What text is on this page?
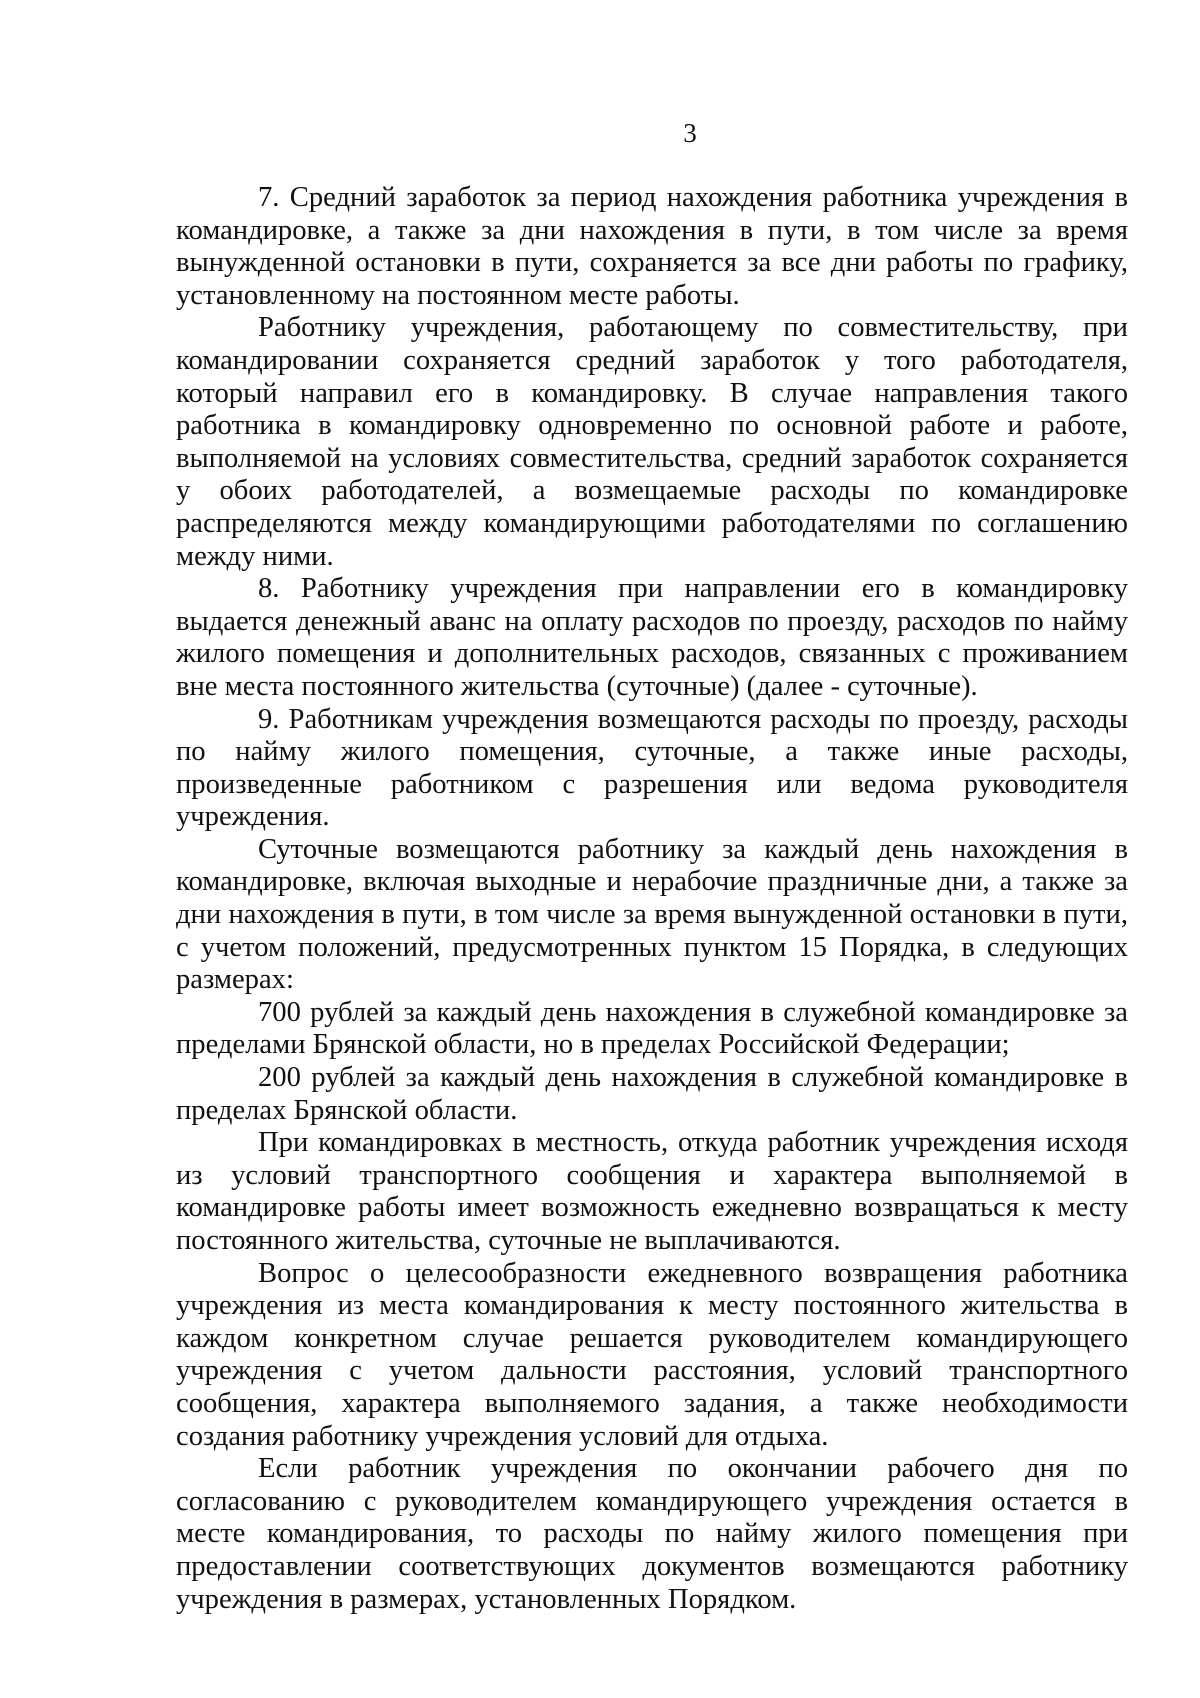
3

7. Средний заработок за период нахождения работника учреждения в командировке, а также за дни нахождения в пути, в том числе за время вынужденной остановки в пути, сохраняется за все дни работы по графику, установленному на постоянном месте работы.

Работнику учреждения, работающему по совместительству, при командировании сохраняется средний заработок у того работодателя, который направил его в командировку. В случае направления такого работника в командировку одновременно по основной работе и работе, выполняемой на условиях совместительства, средний заработок сохраняется у обоих работодателей, а возмещаемые расходы по командировке распределяются между командирующими работодателями по соглашению между ними.

8. Работнику учреждения при направлении его в командировку выдается денежный аванс на оплату расходов по проезду, расходов по найму жилого помещения и дополнительных расходов, связанных с проживанием вне места постоянного жительства (суточные) (далее - суточные).

9. Работникам учреждения возмещаются расходы по проезду, расходы по найму жилого помещения, суточные, а также иные расходы, произведенные работником с разрешения или ведома руководителя учреждения.

Суточные возмещаются работнику за каждый день нахождения в командировке, включая выходные и нерабочие праздничные дни, а также за дни нахождения в пути, в том числе за время вынужденной остановки в пути, с учетом положений, предусмотренных пунктом 15 Порядка, в следующих размерах:

700 рублей за каждый день нахождения в служебной командировке за пределами Брянской области, но в пределах Российской Федерации;

200 рублей за каждый день нахождения в служебной командировке в пределах Брянской области.

При командировках в местность, откуда работник учреждения исходя из условий транспортного сообщения и характера выполняемой в командировке работы имеет возможность ежедневно возвращаться к месту постоянного жительства, суточные не выплачиваются.

Вопрос о целесообразности ежедневного возвращения работника учреждения из места командирования к месту постоянного жительства в каждом конкретном случае решается руководителем командирующего учреждения с учетом дальности расстояния, условий транспортного сообщения, характера выполняемого задания, а также необходимости создания работнику учреждения условий для отдыха.

Если работник учреждения по окончании рабочего дня по согласованию с руководителем командирующего учреждения остается в месте командирования, то расходы по найму жилого помещения при предоставлении соответствующих документов возмещаются работнику учреждения в размерах, установленных Порядком.
